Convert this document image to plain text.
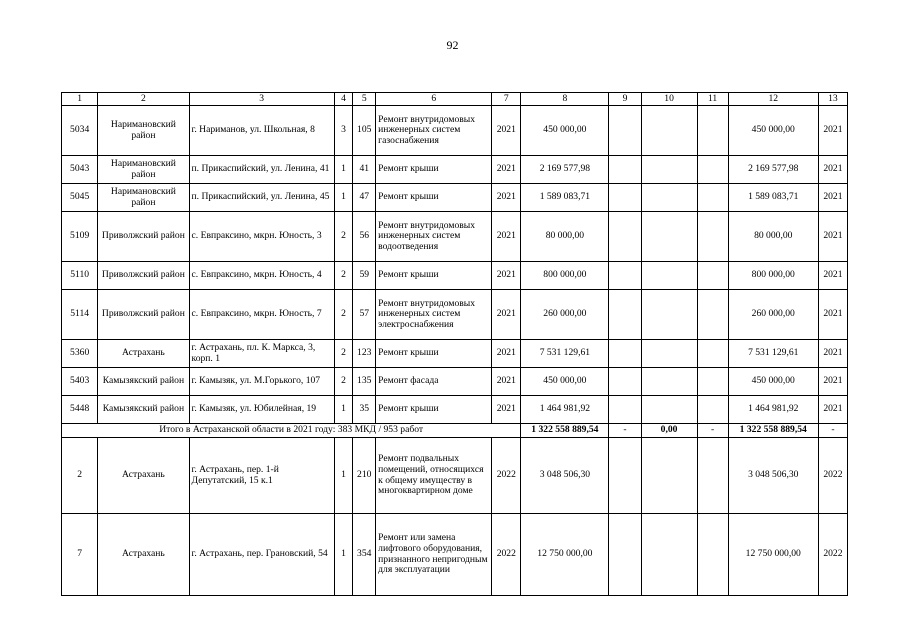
92
1	2	3	4	5	6	7	8	9	10	11	12	13
5034	Наримановский район	г. Нариманов, ул. Школьная, 8	3	105	Ремонт внутридомовых инженерных систем газоснабжения	2021	450 000,00				450 000,00	2021
5043	Наримановский район	п. Прикаспийский, ул. Ленина, 41	1	41	Ремонт крыши	2021	2 169 577,98				2 169 577,98	2021
5045	Наримановский район	п. Прикаспийский, ул. Ленина, 45	1	47	Ремонт крыши	2021	1 589 083,71				1 589 083,71	2021
5109	Приволжский район	с. Евпраксино, мкрн. Юность, 3	2	56	Ремонт внутридомовых инженерных систем водоотведения	2021	80 000,00				80 000,00	2021
5110	Приволжский район	с. Евпраксино, мкрн. Юность, 4	2	59	Ремонт крыши	2021	800 000,00				800 000,00	2021
5114	Приволжский район	с. Евпраксино, мкрн. Юность, 7	2	57	Ремонт внутридомовых инженерных систем электроснабжения	2021	260 000,00				260 000,00	2021
5360	Астрахань	г. Астрахань, пл. К. Маркса, 3, корп. 1	2	123	Ремонт крыши	2021	7 531 129,61				7 531 129,61	2021
5403	Камызякский район	г. Камызяк, ул. М.Горького, 107	2	135	Ремонт фасада	2021	450 000,00				450 000,00	2021
5448	Камызякский район	г. Камызяк, ул. Юбилейная, 19	1	35	Ремонт крыши	2021	1 464 981,92				1 464 981,92	2021
Итого в Астраханской области в 2021 году: 383 МКД / 953 работ							1 322 558 889,54	-	0,00	-	1 322 558 889,54	-
2	Астрахань	г. Астрахань, пер. 1-й Депутатский, 15 к.1	1	210	Ремонт подвальных помещений, относящихся к общему имуществу в многоквартирном доме	2022	3 048 506,30				3 048 506,30	2022
7	Астрахань	г. Астрахань, пер. Грановский, 54	1	354	Ремонт или замена лифтового оборудования, признанного непригодным для эксплуатации	2022	12 750 000,00				12 750 000,00	2022
